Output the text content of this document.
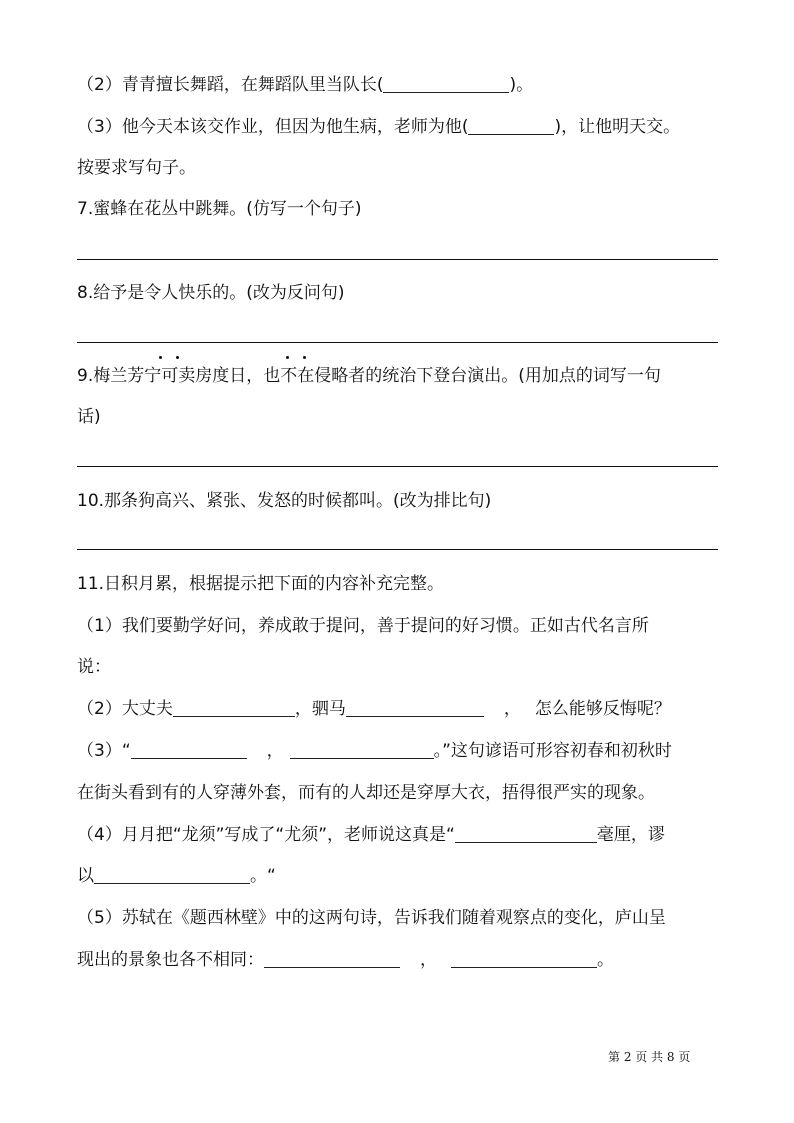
（2）青青擅长舞蹈，在舞蹈队里当队长(	)。
（3）他今天本该交作业，但因为他生病，老师为他(	)，让他明天交。
按要求写句子。
7.蜜蜂在花丛中跳舞。(仿写一个句子)
8.给予是令人快乐的。(改为反问句)
9.梅兰芳宁可卖房度日，也不在侵略者的统治下登台演出。(用加点的词写一句
话)
10.那条狗高兴、紧张、发怒的时候都叫。(改为排比句)
11.日积月累，根据提示把下面的内容补充完整。
（1）我们要勤学好问，养成敢于提问，善于提问的好习惯。正如古代名言所
说：
（2）大丈夫	，驷马	， 怎么能够反悔呢？
（3）“	，	。”这句谚语可形容初春和初秋时
在街头看到有的人穿薄外套，而有的人却还是穿厚大衣，捂得很严实的现象。
（4）月月把“龙须”写成了“尤须”，老师说这真是“	毫厘，谬
以	。“
（5）苏轼在《题西林壁》中的这两句诗，告诉我们随着观察点的变化，庐山呈
现出的景象也各不相同：	，	。
第 2 页 共 8 页
